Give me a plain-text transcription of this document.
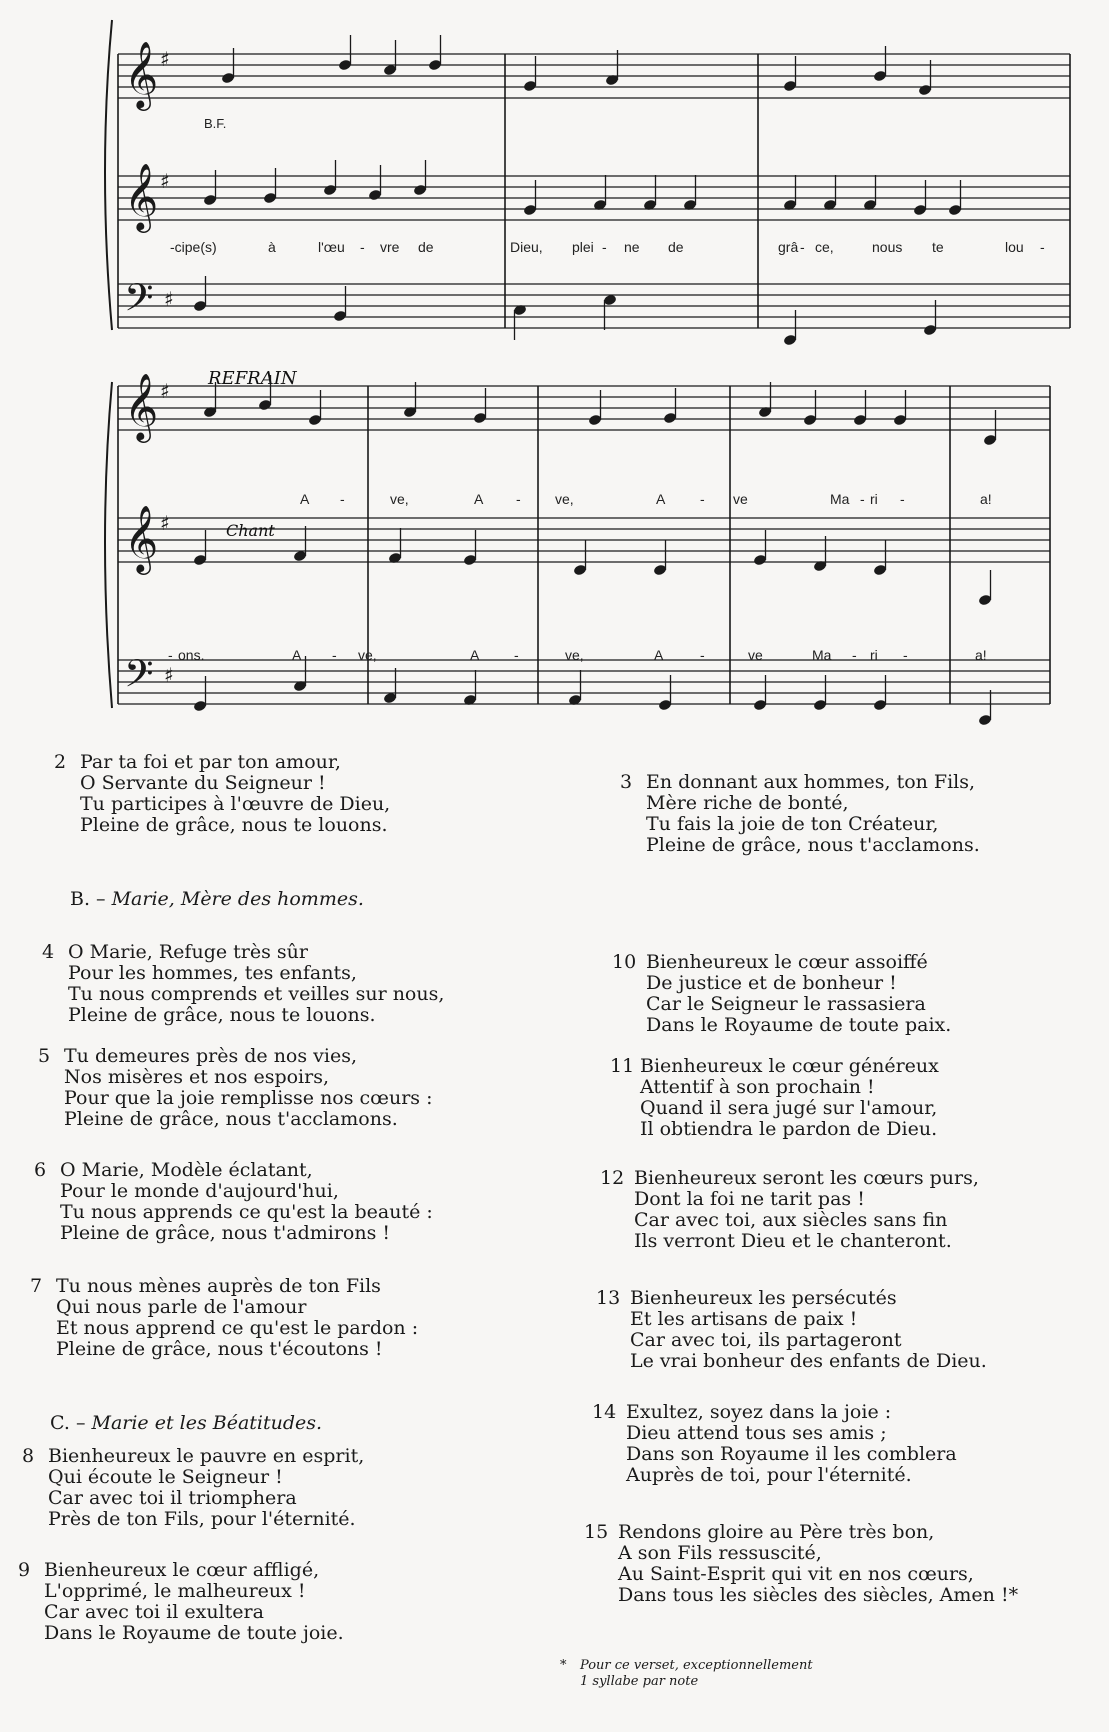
𝄞 ♯
𝄞 ♯
𝄢 ♯
𝄞 ♯
𝄞 ♯
𝄢 ♯
B.F.
REFRAIN
Chant
-cipe(s)	à	l'œu - vre de	Dieu, plei - ne de	grâ - ce,	nous te	lou -
A -	ve,	A - ve,	A - ve	Ma - ri -	a!
- ons.	A - ve,	A -	ve,	A	-	ve	Ma - ri -	a!
2 Par ta foi et par ton amour,
O Servante du Seigneur !
Tu participes à l'œuvre de Dieu,
Pleine de grâce, nous te louons.
B. – Marie, Mère des hommes.
4 O Marie, Refuge très sûr
Pour les hommes, tes enfants,
Tu nous comprends et veilles sur nous,
Pleine de grâce, nous te louons.
5 Tu demeures près de nos vies,
Nos misères et nos espoirs,
Pour que la joie remplisse nos cœurs :
Pleine de grâce, nous t'acclamons.
6 O Marie, Modèle éclatant,
Pour le monde d'aujourd'hui,
Tu nous apprends ce qu'est la beauté :
Pleine de grâce, nous t'admirons !
7 Tu nous mènes auprès de ton Fils
Qui nous parle de l'amour
Et nous apprend ce qu'est le pardon :
Pleine de grâce, nous t'écoutons !
C. – Marie et les Béatitudes.
8 Bienheureux le pauvre en esprit,
Qui écoute le Seigneur !
Car avec toi il triomphera
Près de ton Fils, pour l'éternité.
9 Bienheureux le cœur affligé,
L'opprimé, le malheureux !
Car avec toi il exultera
Dans le Royaume de toute joie.
3 En donnant aux hommes, ton Fils,
Mère riche de bonté,
Tu fais la joie de ton Créateur,
Pleine de grâce, nous t'acclamons.
10 Bienheureux le cœur assoiffé
De justice et de bonheur !
Car le Seigneur le rassasiera
Dans le Royaume de toute paix.
11 Bienheureux le cœur généreux
Attentif à son prochain !
Quand il sera jugé sur l'amour,
Il obtiendra le pardon de Dieu.
12 Bienheureux seront les cœurs purs,
Dont la foi ne tarit pas !
Car avec toi, aux siècles sans fin
Ils verront Dieu et le chanteront.
13 Bienheureux les persécutés
Et les artisans de paix !
Car avec toi, ils partageront
Le vrai bonheur des enfants de Dieu.
14 Exultez, soyez dans la joie :
Dieu attend tous ses amis ;
Dans son Royaume il les comblera
Auprès de toi, pour l'éternité.
15 Rendons gloire au Père très bon,
A son Fils ressuscité,
Au Saint-Esprit qui vit en nos cœurs,
Dans tous les siècles des siècles, Amen !*
* Pour ce verset, exceptionnellement
1 syllabe par note
